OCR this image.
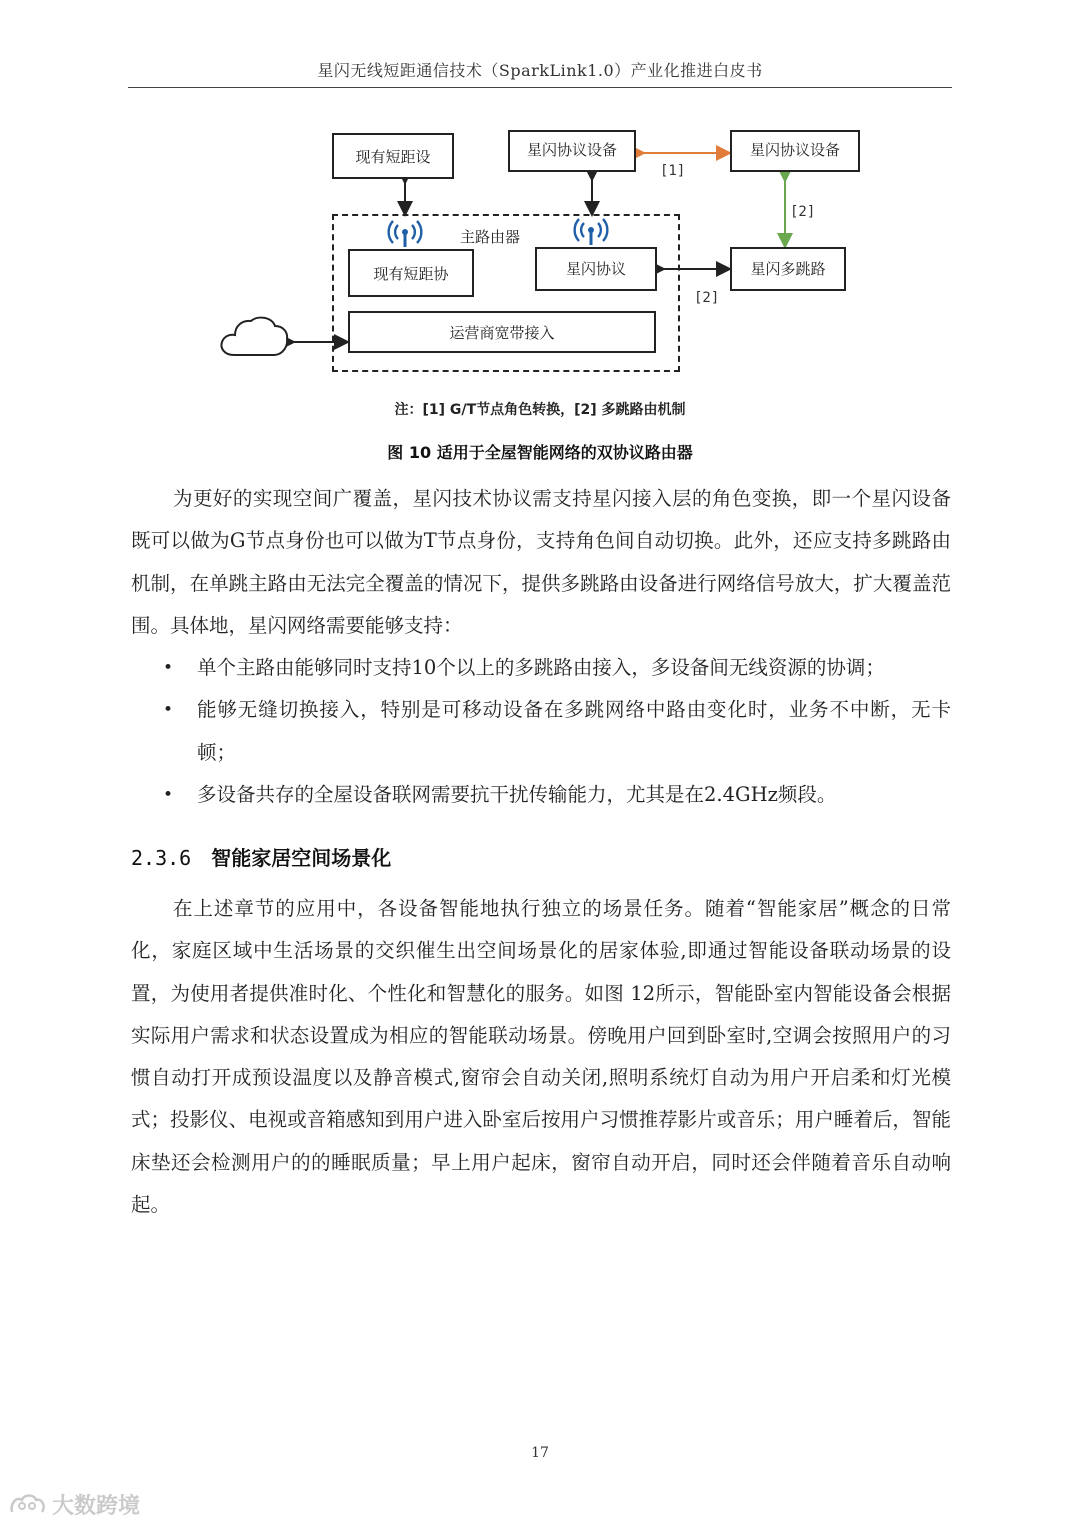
星闪无线短距通信技术（SparkLink1.0）产业化推进白皮书
现有短距设	星闪协议设备	星闪协议设备
[1]
[2]
[2]
主路由器
现有短距协	星闪协议	星闪多跳路
运营商宽带接入
注：[1] G/T节点角色转换，[2] 多跳路由机制
图 10 适用于全屋智能网络的双协议路由器

为更好的实现空间广覆盖，星闪技术协议需支持星闪接入层的角色变换，即一个星闪设备既可以做为G节点身份也可以做为T节点身份，支持角色间自动切换。此外，还应支持多跳路由机制，在单跳主路由无法完全覆盖的情况下，提供多跳路由设备进行网络信号放大，扩大覆盖范围。具体地，星闪网络需要能够支持：

• 单个主路由能够同时支持10个以上的多跳路由接入，多设备间无线资源的协调；
• 能够无缝切换接入，特别是可移动设备在多跳网络中路由变化时，业务不中断，无卡顿；
• 多设备共存的全屋设备联网需要抗干扰传输能力，尤其是在2.4GHz频段。
2.3.6 智能家居空间场景化

在上述章节的应用中，各设备智能地执行独立的场景任务。随着“智能家居”概念的日常化，家庭区域中生活场景的交织催生出空间场景化的居家体验,即通过智能设备联动场景的设置，为使用者提供准时化、个性化和智慧化的服务。如图 12所示，智能卧室内智能设备会根据实际用户需求和状态设置成为相应的智能联动场景。傍晚用户回到卧室时,空调会按照用户的习惯自动打开成预设温度以及静音模式,窗帘会自动关闭,照明系统灯自动为用户开启柔和灯光模式；投影仪、电视或音箱感知到用户进入卧室后按用户习惯推荐影片或音乐；用户睡着后，智能床垫还会检测用户的的睡眠质量；早上用户起床，窗帘自动开启，同时还会伴随着音乐自动响起。

17
大数跨境
